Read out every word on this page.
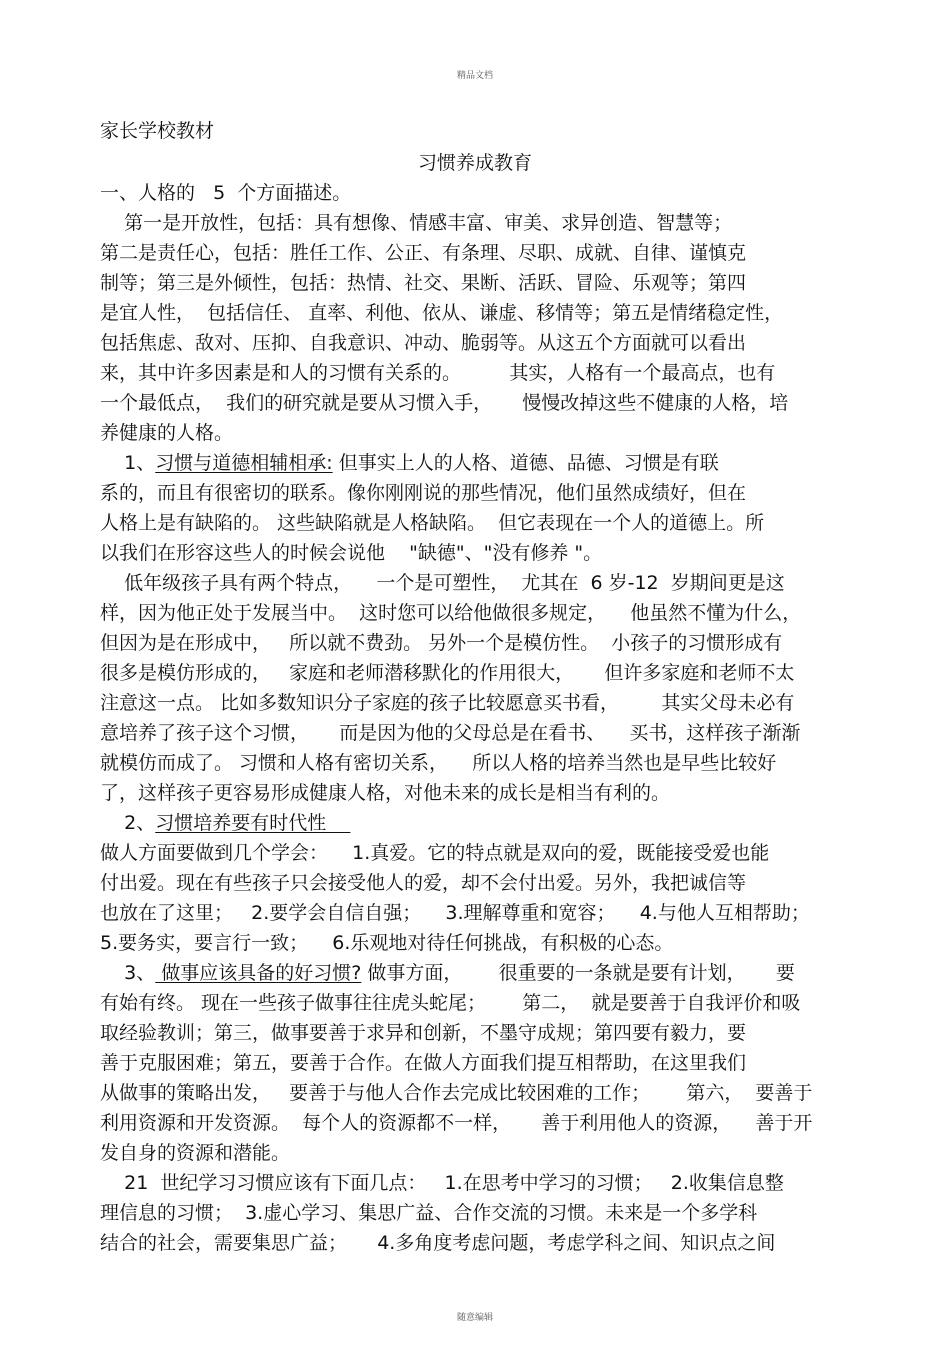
精品文档
家长学校教材
习惯养成教育
一、人格的   5  个方面描述。
第一是开放性，包括：具有想像、情感丰富、审美、求异创造、智慧等；
第二是责任心，包括：胜任工作、公正、有条理、尽职、成就、自律、谨慎克
制等；第三是外倾性，包括：热情、社交、果断、活跃、冒险、乐观等；第四
是宜人性，  包括信任、 直率、利他、依从、谦虚、移情等；第五是情绪稳定性，
包括焦虑、敌对、压抑、自我意识、冲动、脆弱等。从这五个方面就可以看出
来，其中许多因素是和人的习惯有关系的。        其实，人格有一个最高点，也有
一个最低点，  我们的研究就是要从习惯入手，     慢慢改掉这些不健康的人格，培
养健康的人格。
1、习惯与道德相辅相承: 但事实上人的人格、道德、品德、习惯是有联
系的，而且有很密切的联系。像你刚刚说的那些情况，他们虽然成绩好，但在
人格上是有缺陷的。 这些缺陷就是人格缺陷。  但它表现在一个人的道德上。所
以我们在形容这些人的时候会说他    "缺德"、"没有修养 "。
低年级孩子具有两个特点，    一个是可塑性，  尤其在  6 岁-12  岁期间更是这
样，因为他正处于发展当中。  这时您可以给他做很多规定，    他虽然不懂为什么，
但因为是在形成中，   所以就不费劲。 另外一个是模仿性。  小孩子的习惯形成有
很多是模仿形成的，   家庭和老师潜移默化的作用很大，     但许多家庭和老师不太
注意这一点。 比如多数知识分子家庭的孩子比较愿意买书看，       其实父母未必有
意培养了孩子这个习惯，     而是因为他的父母总是在看书、    买书，这样孩子渐渐
就模仿而成了。 习惯和人格有密切关系，    所以人格的培养当然也是早些比较好
了，这样孩子更容易形成健康人格，对他未来的成长是相当有利的。
2、习惯培养要有时代性
做人方面要做到几个学会：    1.真爱。它的特点就是双向的爱，既能接受爱也能
付出爱。现在有些孩子只会接受他人的爱，却不会付出爱。另外，我把诚信等
也放在了这里；   2.要学会自信自强；    3.理解尊重和宽容；    4.与他人互相帮助；
5.要务实，要言行一致；    6.乐观地对待任何挑战，有积极的心态。
3、 做事应该具备的好习惯? 做事方面，      很重要的一条就是要有计划，     要
有始有终。 现在一些孩子做事往往虎头蛇尾；      第二，  就是要善于自我评价和吸
取经验教训；第三，做事要善于求异和创新，不墨守成规；第四要有毅力，要
善于克服困难；第五，要善于合作。在做人方面我们提互相帮助，在这里我们
从做事的策略出发，   要善于与他人合作去完成比较困难的工作；      第六，  要善于
利用资源和开发资源。  每个人的资源都不一样，     善于利用他人的资源，    善于开
发自身的资源和潜能。
21  世纪学习习惯应该有下面几点：   1.在思考中学习的习惯；   2.收集信息整
理信息的习惯；  3.虚心学习、集思广益、合作交流的习惯。未来是一个多学科
结合的社会，需要集思广益；     4.多角度考虑问题，考虑学科之间、知识点之间
随意编辑
